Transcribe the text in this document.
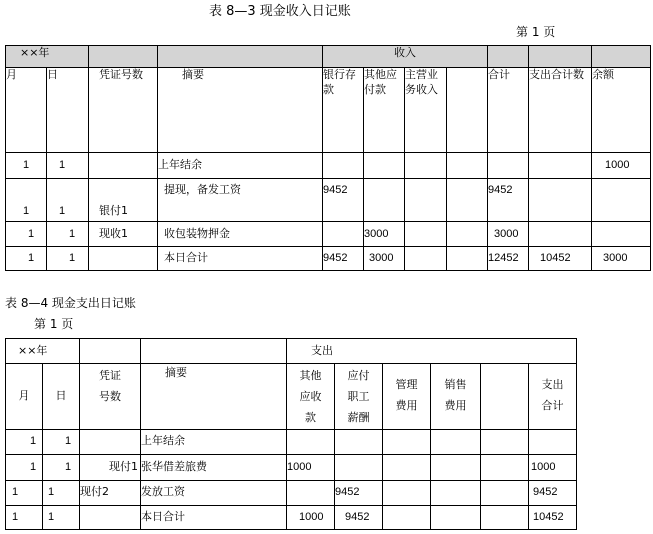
表 8—3 现金收入日记账
第 1 页
××年				收入						
月	日	凭证号数	摘要	银行存款	其他应付款	主营业务收入		合计	支出合计数	余额
1	1		上年结余							1000
1	1	银付1	提现，备发工资	9452				9452		
1	1	现收1	收包装物押金		3000			3000		
1	1		本日合计	9452	3000			12452	10452	3000
表 8—4 现金支出日记账
第 1 页
××年				支出					
月	日	凭证号数	摘要	其他应收款	应付职工薪酬	管理费用	销售费用		支出合计
1	1		上年结余						
1	1	现付1	张华借差旅费	1000					1000
1	1	现付2	发放工资		9452				9452
1	1		本日合计	1000	9452				10452
